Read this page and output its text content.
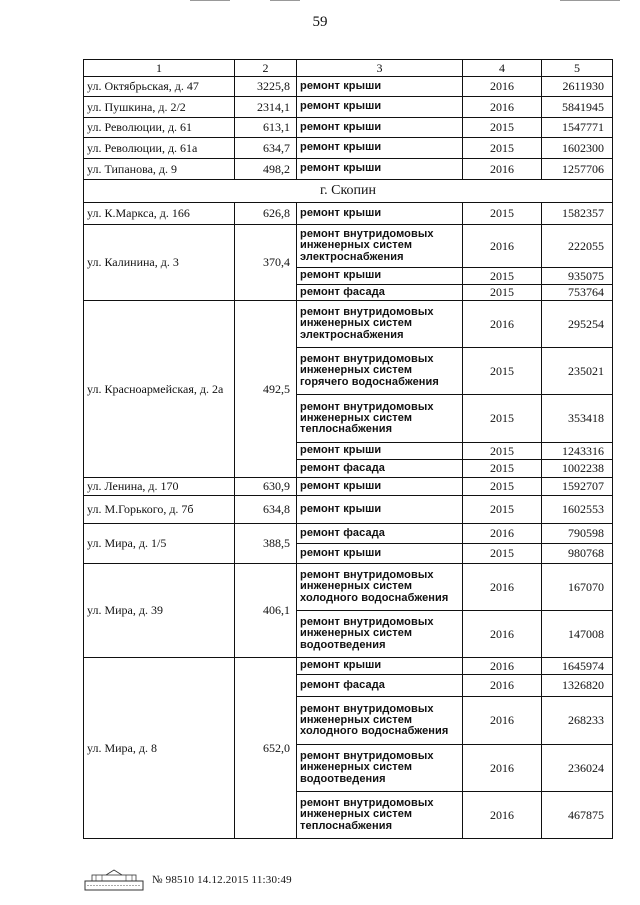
59
1	2	3	4	5
ул. Октябрьская, д. 47	3225,8	ремонт крыши	2016	2611930
ул. Пушкина, д. 2/2	2314,1	ремонт крыши	2016	5841945
ул. Революции, д. 61	613,1	ремонт крыши	2015	1547771
ул. Революции, д. 61а	634,7	ремонт крыши	2015	1602300
ул. Типанова, д. 9	498,2	ремонт крыши	2016	1257706
г. Скопин				
ул. К.Маркса, д. 166	626,8	ремонт крыши	2015	1582357
ул. Калинина, д. 3	370,4	ремонт внутридомовых инженерных систем электроснабжения	2016	222055
		ремонт крыши	2015	935075
		ремонт фасада	2015	753764
ул. Красноармейская, д. 2а	492,5	ремонт внутридомовых инженерных систем электроснабжения	2016	295254
		ремонт внутридомовых инженерных систем горячего водоснабжения	2015	235021
		ремонт внутридомовых инженерных систем теплоснабжения	2015	353418
		ремонт крыши	2015	1243316
		ремонт фасада	2015	1002238
ул. Ленина, д. 170	630,9	ремонт крыши	2015	1592707
ул. М.Горького, д. 7б	634,8	ремонт крыши	2015	1602553
ул. Мира, д. 1/5	388,5	ремонт фасада	2016	790598
		ремонт крыши	2015	980768
ул. Мира, д. 39	406,1	ремонт внутридомовых инженерных систем холодного водоснабжения	2016	167070
		ремонт внутридомовых инженерных систем водоотведения	2016	147008
ул. Мира, д. 8	652,0	ремонт крыши	2016	1645974
		ремонт фасада	2016	1326820
		ремонт внутридомовых инженерных систем холодного водоснабжения	2016	268233
		ремонт внутридомовых инженерных систем водоотведения	2016	236024
		ремонт внутридомовых инженерных систем теплоснабжения	2016	467875
№ 98510 14.12.2015 11:30:49
